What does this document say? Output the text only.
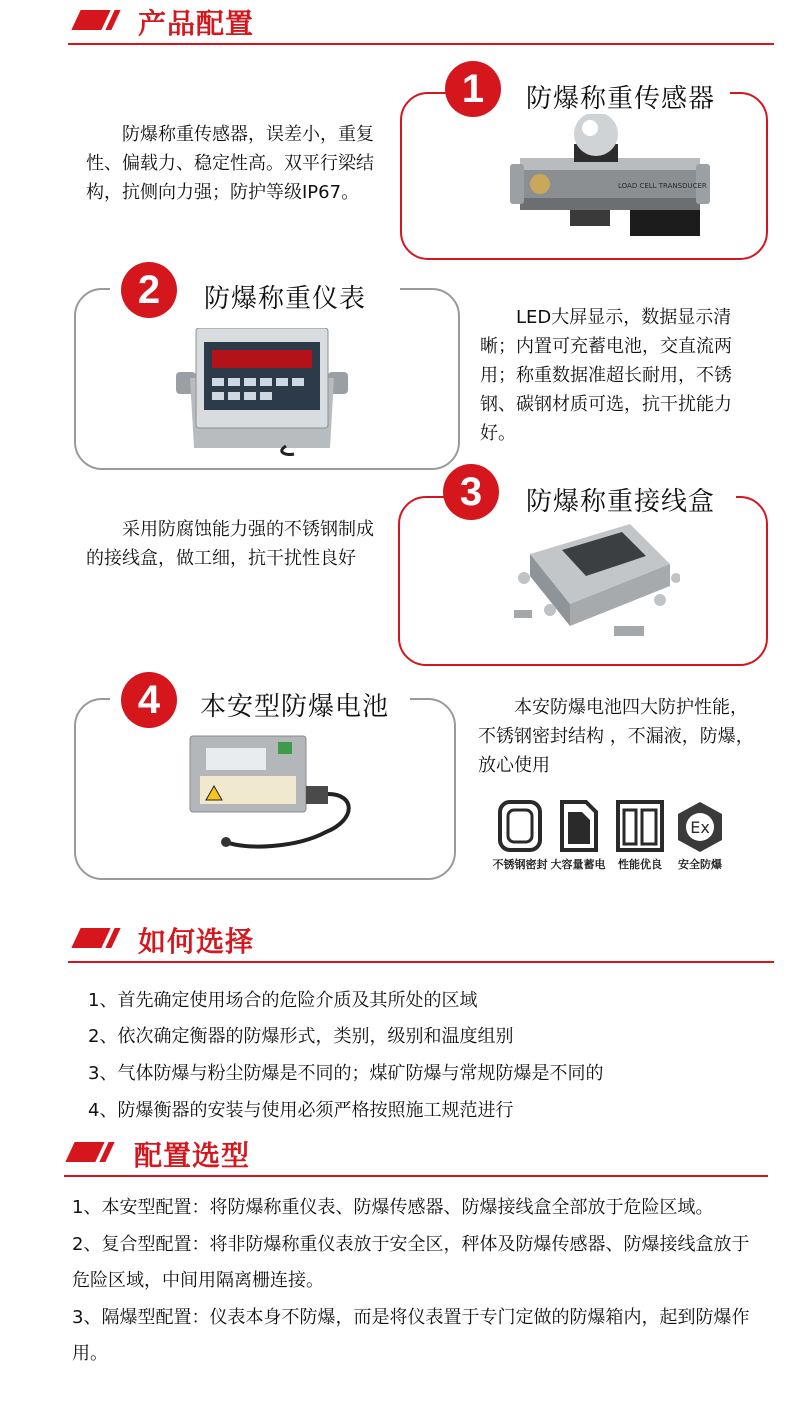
产品配置
LOAD CELL TRANSDUCER
1	防爆称重传感器

防爆称重传感器，误差小，重复性、偏载力、稳定性高。双平行梁结构，抗侧向力强；防护等级IP67。

2	防爆称重仪表

LED大屏显示，数据显示清晰；内置可充蓄电池，交直流两用；称重数据准超长耐用，不锈钢、碳钢材质可选，抗干扰能力好。

3	防爆称重接线盒

采用防腐蚀能力强的不锈钢制成的接线盒，做工细，抗干扰性良好

4	本安型防爆电池	本安防爆电池四大防护性能，不锈钢密封结构 ，不漏液，防爆，放心使用

不锈钢密封 大容量蓄电	性能优良
Ex
安全防爆
如何选择
1、首先确定使用场合的危险介质及其所处的区域
2、依次确定衡器的防爆形式，类别，级别和温度组别
3、气体防爆与粉尘防爆是不同的；煤矿防爆与常规防爆是不同的
4、防爆衡器的安装与使用必须严格按照施工规范进行
配置选型

1、本安型配置：将防爆称重仪表、防爆传感器、防爆接线盒全部放于危险区域。

2、复合型配置：将非防爆称重仪表放于安全区，秤体及防爆传感器、防爆接线盒放于危险区域，中间用隔离栅连接。

3、隔爆型配置：仪表本身不防爆，而是将仪表置于专门定做的防爆箱内，起到防爆作用。
